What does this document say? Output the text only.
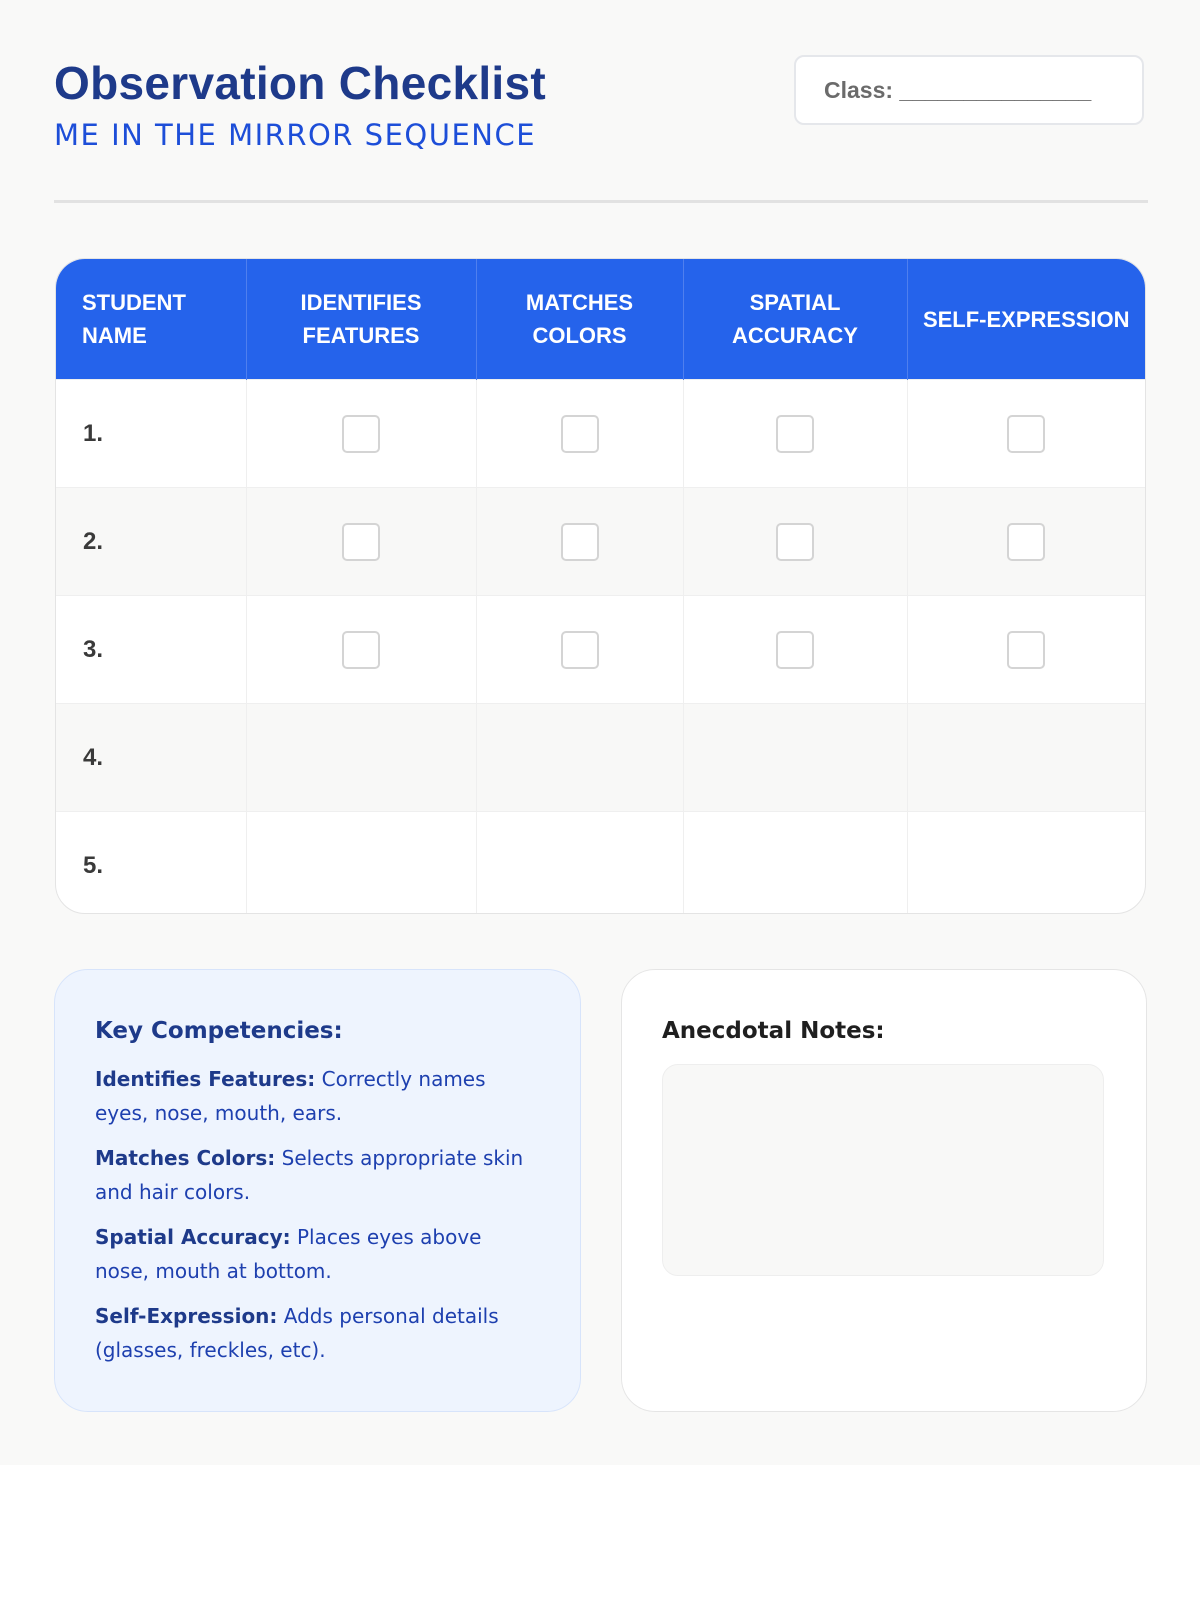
Observation Checklist
ME IN THE MIRROR SEQUENCE
Class: _______________
STUDENT NAME	IDENTIFIES FEATURES	MATCHES COLORS	SPATIAL ACCURACY	SELF-EXPRESSION
1.				
2.				
3.				
4.				
5.				
Key Competencies:
Identifies Features: Correctly names eyes, nose, mouth, ears.
Matches Colors: Selects appropriate skin and hair colors.
Spatial Accuracy: Places eyes above nose, mouth at bottom.
Self-Expression: Adds personal details (glasses, freckles, etc).
Anecdotal Notes:
